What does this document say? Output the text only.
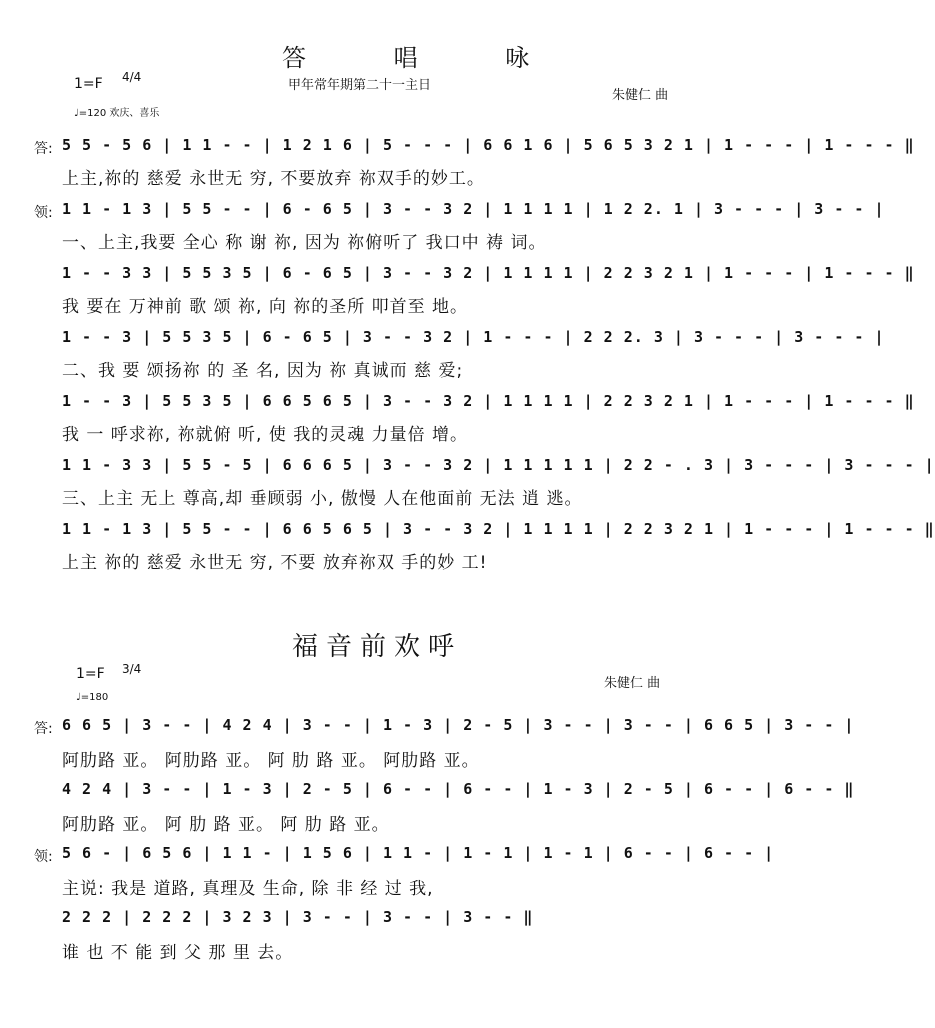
答 唱 咏
1=F 4/4
甲年常年期第二十一主日
朱健仁 曲
♩=120 欢庆、喜乐
答: 5 5 - 5 6 | 1 1 - - | 1 2 1 6 | 5 - - - | 6 6 1 6 | 5 6 5 3 2 1 | 1 - - - | 1 - - - ‖
上主,祢的 慈爱 永世无 穷, 不要放弃 祢双手的妙工。
领: 1 1 - 1 3 | 5 5 - - | 6 - 6 5 | 3 - - 3 2 | 1 1 1 1 | 1 2 2. 1 | 3 - - - | 3 - - |
一、上主,我要 全心 称 谢 祢, 因为 祢俯听了 我口中 祷 词。
1 - - 3 3 | 5 5 3 5 | 6 - 6 5 | 3 - - 3 2 | 1 1 1 1 | 2 2 3 2 1 | 1 - - - | 1 - - - ‖
我 要在 万神前 歌 颂 祢, 向 祢的圣所 叩首至 地。
1 - - 3 | 5 5 3 5 | 6 - 6 5 | 3 - - 3 2 | 1 - - - | 2 2 2. 3 | 3 - - - | 3 - - - |
二、我 要 颂扬祢 的 圣 名, 因为 祢 真诚而 慈 爱;
1 - - 3 | 5 5 3 5 | 6 6 5 6 5 | 3 - - 3 2 | 1 1 1 1 | 2 2 3 2 1 | 1 - - - | 1 - - - ‖
我 一 呼求祢, 祢就俯 听, 使 我的灵魂 力量倍 增。
1 1 - 3 3 | 5 5 - 5 | 6 6 6 5 | 3 - - 3 2 | 1 1 1 1 1 | 2 2 - . 3 | 3 - - - | 3 - - - |
三、上主 无上 尊高,却 垂顾弱 小, 傲慢 人在他面前 无法 逍 逃。
1 1 - 1 3 | 5 5 - - | 6 6 5 6 5 | 3 - - 3 2 | 1 1 1 1 | 2 2 3 2 1 | 1 - - - | 1 - - - ‖
上主 祢的 慈爱 永世无 穷, 不要 放弃祢双 手的妙 工!
福音前欢呼
1=F 3/4
朱健仁 曲
♩=180
答: 6 6 5 | 3 - - | 4 2 4 | 3 - - | 1 - 3 | 2 - 5 | 3 - - | 3 - - | 6 6 5 | 3 - - |
阿肋路 亚。 阿肋路 亚。 阿 肋 路 亚。 阿肋路 亚。
4 2 4 | 3 - - | 1 - 3 | 2 - 5 | 6 - - | 6 - - | 1 - 3 | 2 - 5 | 6 - - | 6 - - ‖
阿肋路 亚。 阿 肋 路 亚。 阿 肋 路 亚。
领: 5 6 - | 6 5 6 | 1 1 - | 1 5 6 | 1 1 - | 1 - 1 | 1 - 1 | 6 - - | 6 - - |
主说: 我是 道路, 真理及 生命, 除 非 经 过 我,
2 2 2 | 2 2 2 | 3 2 3 | 3 - - | 3 - - | 3 - - ‖
谁 也 不 能 到 父 那 里 去。
